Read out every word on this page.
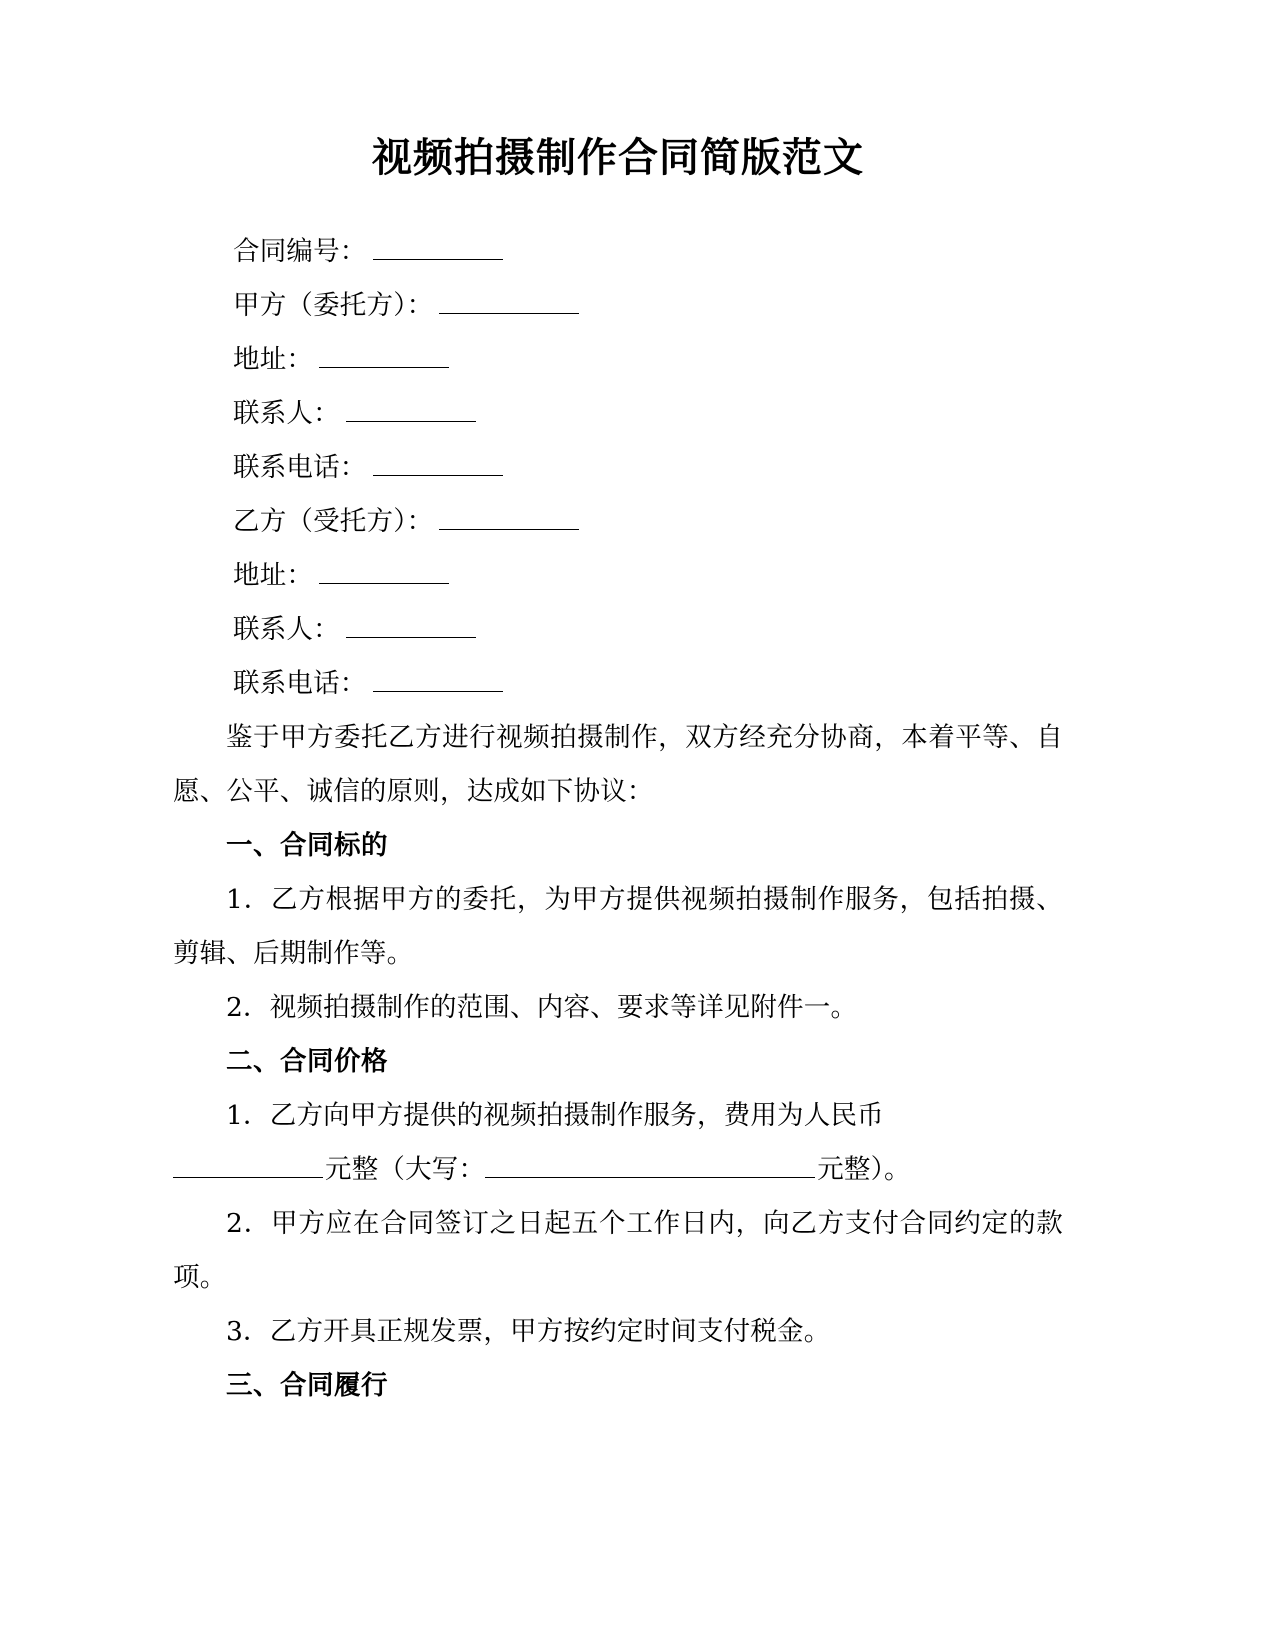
视频拍摄制作合同简版范文
合同编号：
甲方（委托方）：
地址：
联系人：
联系电话：
乙方（受托方）：
地址：
联系人：
联系电话：

鉴于甲方委托乙方进行视频拍摄制作，双方经充分协商，本着平等、自愿、公平、诚信的原则，达成如下协议：

一、合同标的

1．乙方根据甲方的委托，为甲方提供视频拍摄制作服务，包括拍摄、剪辑、后期制作等。

2．视频拍摄制作的范围、内容、要求等详见附件一。

二、合同价格

1．乙方向甲方提供的视频拍摄制作服务，费用为人民币

元整（大写：	元整）。

2．甲方应在合同签订之日起五个工作日内，向乙方支付合同约定的款项。

3．乙方开具正规发票，甲方按约定时间支付税金。

三、合同履行
